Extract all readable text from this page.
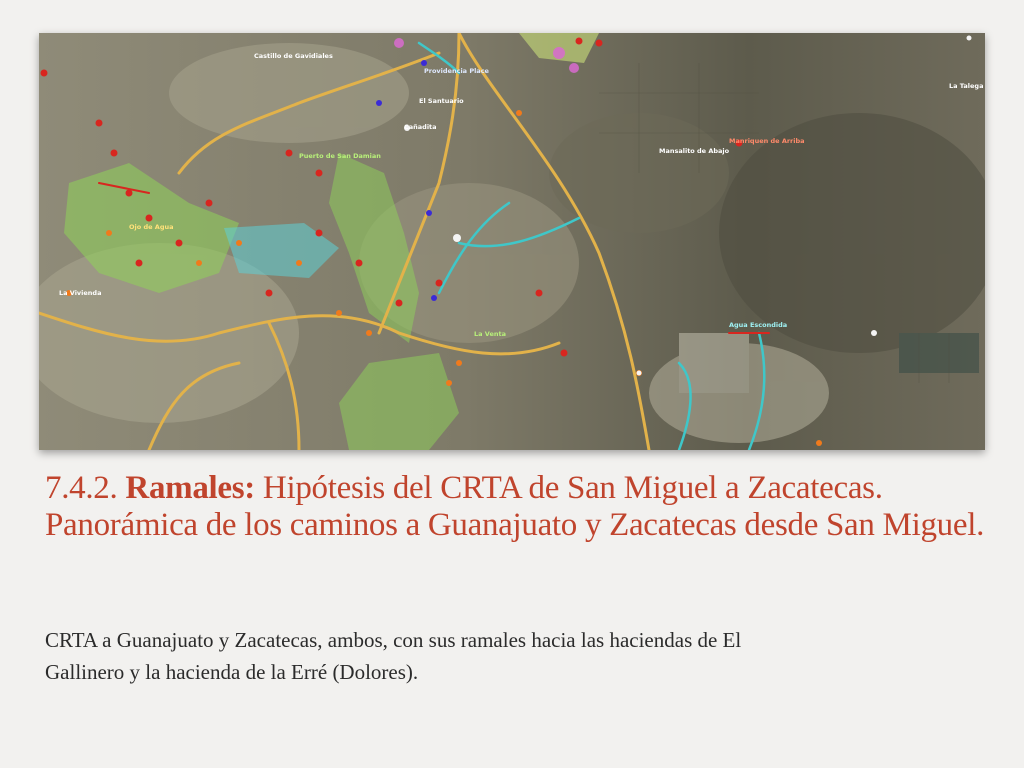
Castillo de Gavidiales
Providencia Place
El Santuario
Cañadita
Mansalito de Abajo
Manriquen de Arriba
La Talega
Ojo de Agua
La Vivienda
Agua Escondida
Puerto de San Damian
La Venta
7.4.2. Ramales: Hipótesis del CRTA de San Miguel a Zacatecas.
Panorámica de los caminos a Guanajuato y Zacatecas desde San Miguel.
CRTA a Guanajuato y Zacatecas, ambos, con sus ramales hacia las haciendas de El
Gallinero y la hacienda de la Erré (Dolores).
